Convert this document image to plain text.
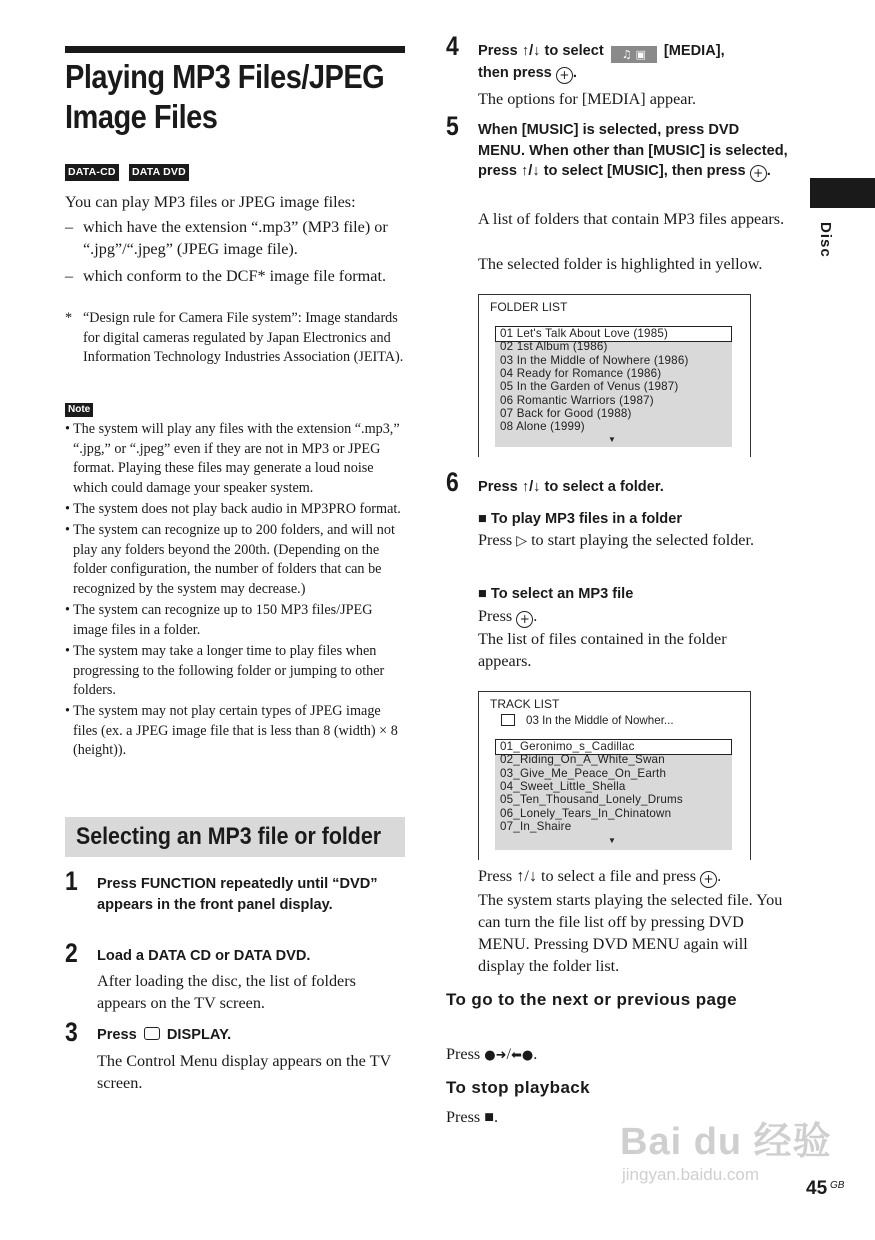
Playing MP3 Files/JPEG Image Files
DATA-CD DATA DVD
You can play MP3 files or JPEG image files:
– which have the extension “.mp3” (MP3 file) or “.jpg”/“.jpeg” (JPEG image file).
– which conform to the DCF* image file format.
* “Design rule for Camera File system”: Image standards for digital cameras regulated by Japan Electronics and Information Technology Industries Association (JEITA).
Note
• The system will play any files with the extension “.mp3,” “.jpg,” or “.jpeg” even if they are not in MP3 or JPEG format. Playing these files may generate a loud noise which could damage your speaker system.
• The system does not play back audio in MP3PRO format.
• The system can recognize up to 200 folders, and will not play any folders beyond the 200th. (Depending on the folder configuration, the number of folders that can be recognized by the system may decrease.)
• The system can recognize up to 150 MP3 files/JPEG image files in a folder.
• The system may take a longer time to play files when progressing to the following folder or jumping to other folders.
• The system may not play certain types of JPEG image files (ex. a JPEG image file that is less than 8 (width) × 8 (height)).
Selecting an MP3 file or folder
1 Press FUNCTION repeatedly until “DVD” appears in the front panel display.
2 Load a DATA CD or DATA DVD.
After loading the disc, the list of folders appears on the TV screen.
3 Press DISPLAY.
The Control Menu display appears on the TV screen.
4 Press ↑/↓ to select ♫ ▣ [MEDIA],
then press + .
The options for [MEDIA] appear.
5 When [MUSIC] is selected, press DVD MENU. When other than [MUSIC] is selected, press ↑/↓ to select [MUSIC], then press + .
A list of folders that contain MP3 files appears.
The selected folder is highlighted in yellow.
FOLDER LIST
01 Let's Talk About Love (1985)
02 1st Album (1986)
03 In the Middle of Nowhere (1986)
04 Ready for Romance (1986)
05 In the Garden of Venus (1987)
06 Romantic Warriors (1987)
07 Back for Good (1988)
08 Alone (1999)
▼
6 Press ↑/↓ to select a folder.
■ To play MP3 files in a folder
Press ▷ to start playing the selected folder.
■ To select an MP3 file
Press + .
The list of files contained in the folder appears.
TRACK LIST
03 In the Middle of Nowher...
01_Geronimo_s_Cadillac
02_Riding_On_A_White_Swan
03_Give_Me_Peace_On_Earth
04_Sweet_Little_Shella
05_Ten_Thousand_Lonely_Drums
06_Lonely_Tears_In_Chinatown
07_In_Shaire
▼
Press ↑/↓ to select a file and press + .
The system starts playing the selected file. You can turn the file list off by pressing DVD MENU. Pressing DVD MENU again will display the folder list.
To go to the next or previous page
Press ●➜/⬅●.
To stop playback
Press ■.
Disc
Bai du 经验
jingyan.baidu.com
45 GB
